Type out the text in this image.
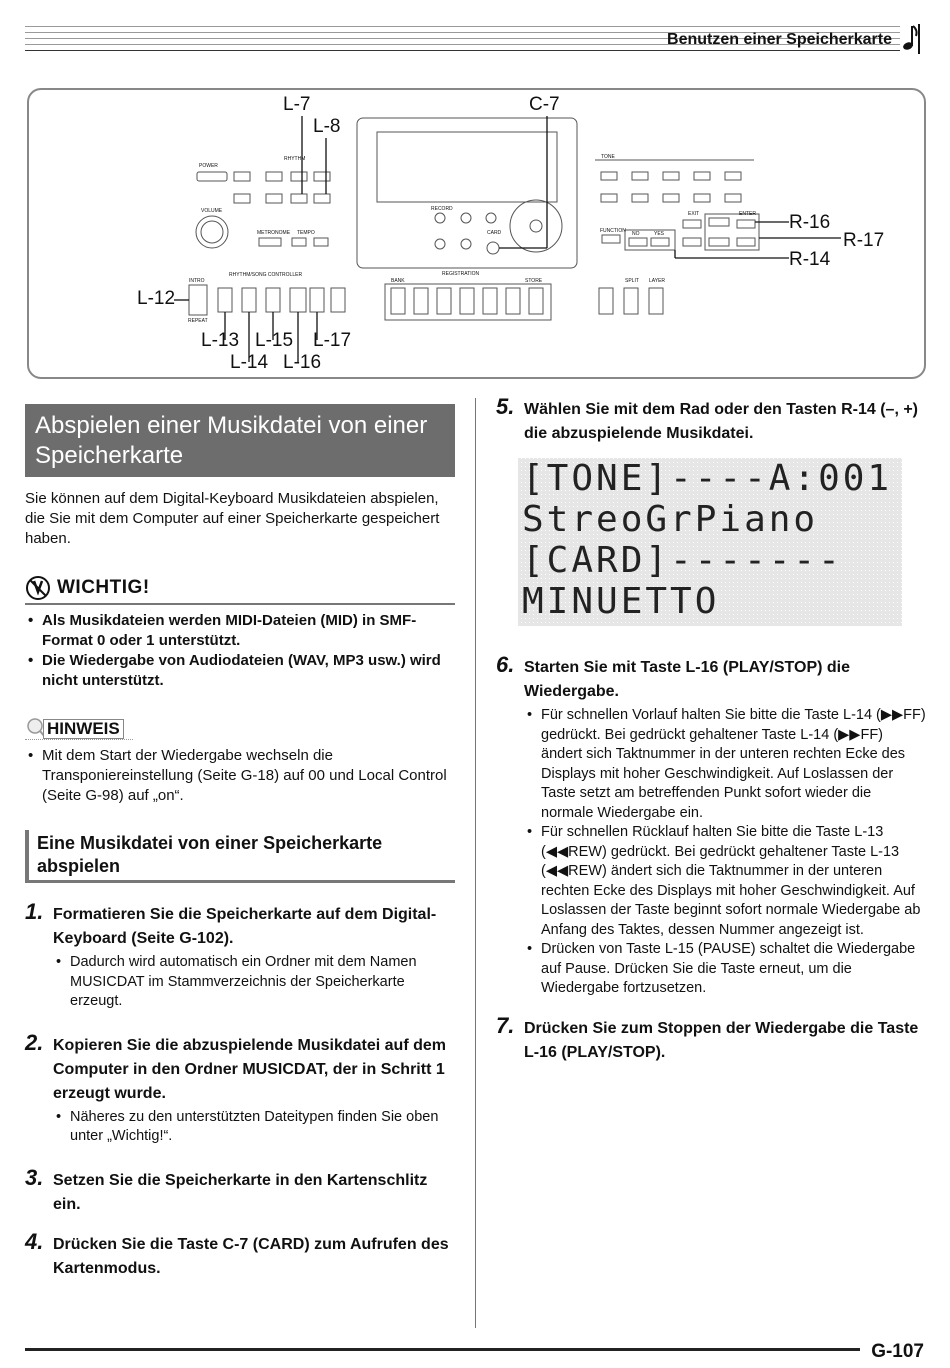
Benutzen einer Speicherkarte
L-7
L-8
C-7
L-12
L-13
L-14
L-15
L-16
L-17
R-16
R-17
R-14
POWER
VOLUME
RHYTHM	TONE
REGISTRATION
RHYTHM/SONG CONTROLLER
EXIT	ENTER
FUNCTION NO	YES
CARD
RECORD
METRONOME TEMPO
INTRO
REPEAT
BANK	STORE	SPLIT LAYER
Abspielen einer Musikdatei von einer Speicherkarte

Sie können auf dem Digital-Keyboard Musikdateien abspielen, die Sie mit dem Computer auf einer Speicherkarte gespeichert haben.

WICHTIG!
• Als Musikdateien werden MIDI-Dateien (MID) in SMF-Format 0 oder 1 unterstützt.
• Die Wiedergabe von Audiodateien (WAV, MP3 usw.) wird nicht unterstützt.
HINWEIS
• Mit dem Start der Wiedergabe wechseln die Transponiereinstellung (Seite G-18) auf 00 und Local Control (Seite G-98) auf „on“.
Eine Musikdatei von einer Speicherkarte abspielen
1. Formatieren Sie die Speicherkarte auf dem Digital-Keyboard (Seite G-102).
• Dadurch wird automatisch ein Ordner mit dem Namen MUSICDAT im Stammverzeichnis der Speicherkarte erzeugt.
2. Kopieren Sie die abzuspielende Musikdatei auf dem Computer in den Ordner MUSICDAT, der in Schritt 1 erzeugt wurde.
• Näheres zu den unterstützten Dateitypen finden Sie oben unter „Wichtig!“.
3. Setzen Sie die Speicherkarte in den Kartenschlitz ein.
4. Drücken Sie die Taste C-7 (CARD) zum Aufrufen des Kartenmodus.
5. Wählen Sie mit dem Rad oder den Tasten R-14 (–, +) die abzuspielende Musikdatei.
[TONE]----A:001
StreoGrPiano
[CARD]-------
MINUETTO
6. Starten Sie mit Taste L-16 (PLAY/STOP) die Wiedergabe.
• Für schnellen Vorlauf halten Sie bitte die Taste L-14 (▶▶FF) gedrückt. Bei gedrückt gehaltener Taste L-14 (▶▶FF) ändert sich Taktnummer in der unteren rechten Ecke des Displays mit hoher Geschwindigkeit. Auf Loslassen der Taste setzt am betreffenden Punkt sofort wieder die normale Wiedergabe ein.
• Für schnellen Rücklauf halten Sie bitte die Taste L-13 (◀◀REW) gedrückt. Bei gedrückt gehaltener Taste L-13 (◀◀REW) ändert sich die Taktnummer in der unteren rechten Ecke des Displays mit hoher Geschwindigkeit. Auf Loslassen der Taste beginnt sofort normale Wiedergabe ab Anfang des Taktes, dessen Nummer angezeigt ist.
• Drücken von Taste L-15 (PAUSE) schaltet die Wiedergabe auf Pause. Drücken Sie die Taste erneut, um die Wiedergabe fortzusetzen.
7. Drücken Sie zum Stoppen der Wiedergabe die Taste L-16 (PLAY/STOP).
G-107
